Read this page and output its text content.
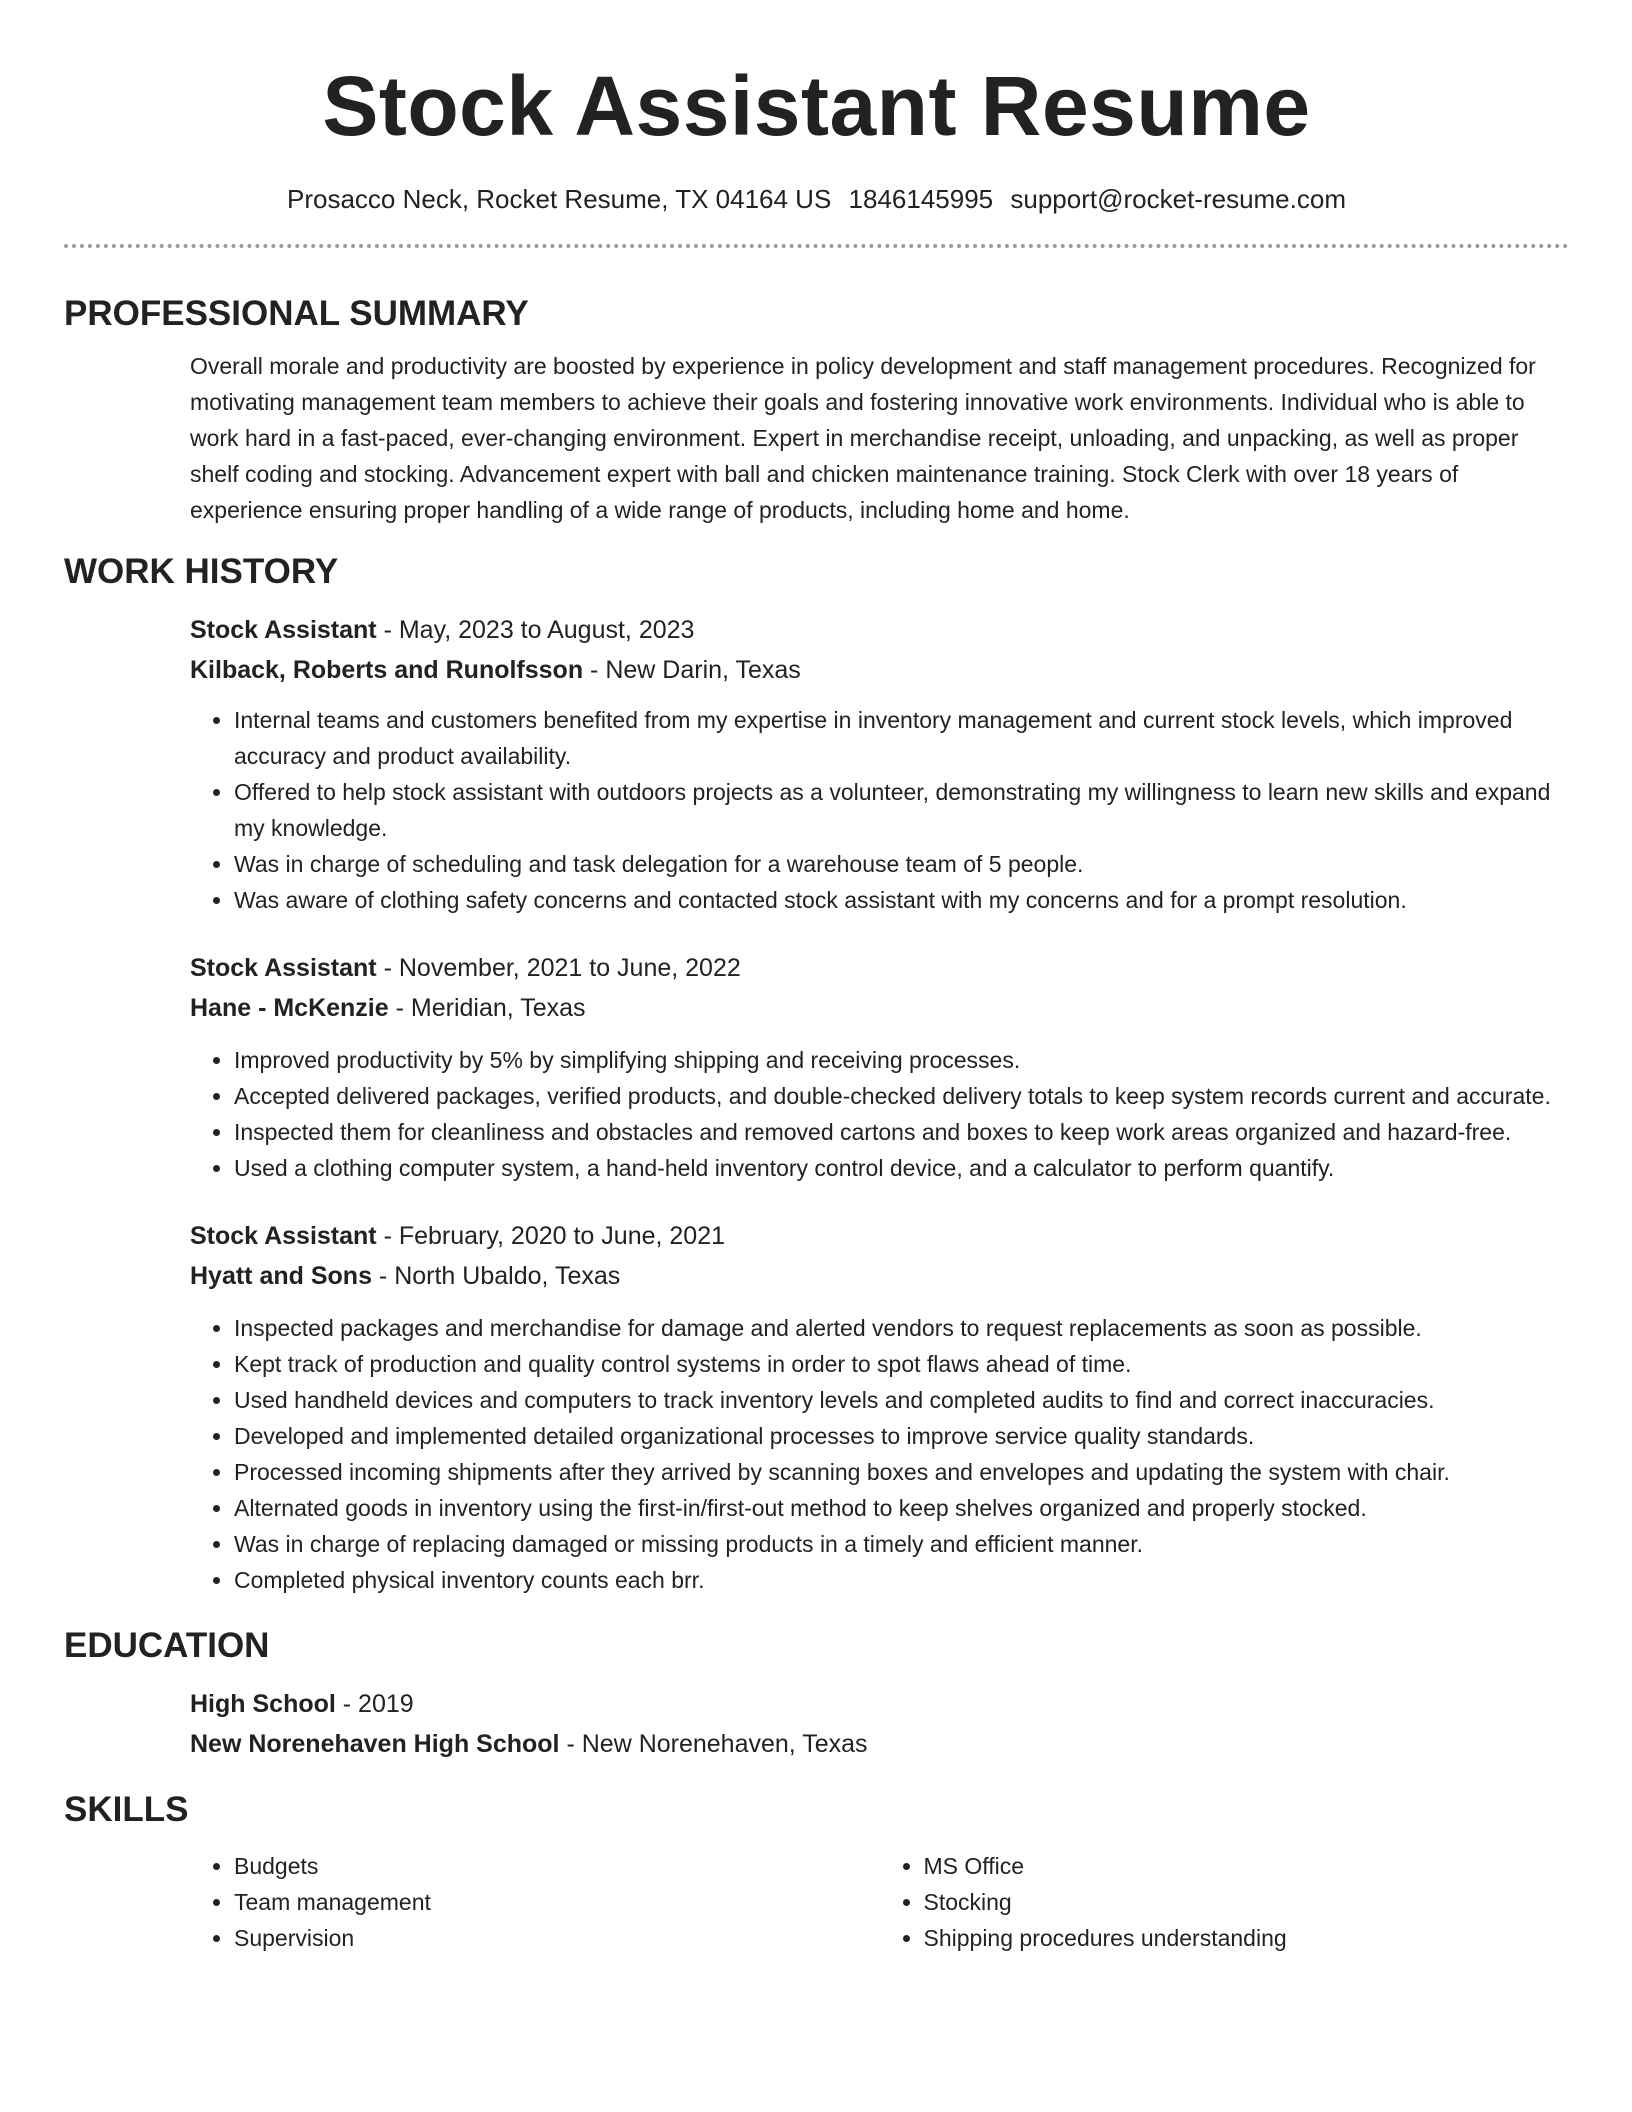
Stock Assistant Resume
Prosacco Neck, Rocket Resume, TX 04164 US 1846145995 support@rocket-resume.com
PROFESSIONAL SUMMARY

Overall morale and productivity are boosted by experience in policy development and staff management procedures. Recognized for motivating management team members to achieve their goals and fostering innovative work environments. Individual who is able to work hard in a fast-paced, ever-changing environment. Expert in merchandise receipt, unloading, and unpacking, as well as proper shelf coding and stocking. Advancement expert with ball and chicken maintenance training. Stock Clerk with over 18 years of experience ensuring proper handling of a wide range of products, including home and home.

WORK HISTORY

Stock Assistant - May, 2023 to August, 2023

Kilback, Roberts and Runolfsson - New Darin, Texas

• Internal teams and customers benefited from my expertise in inventory management and current stock levels, which improved accuracy and product availability.
• Offered to help stock assistant with outdoors projects as a volunteer, demonstrating my willingness to learn new skills and expand my knowledge.
• Was in charge of scheduling and task delegation for a warehouse team of 5 people.
• Was aware of clothing safety concerns and contacted stock assistant with my concerns and for a prompt resolution.

Stock Assistant - November, 2021 to June, 2022

Hane - McKenzie - Meridian, Texas

• Improved productivity by 5% by simplifying shipping and receiving processes.
• Accepted delivered packages, verified products, and double-checked delivery totals to keep system records current and accurate.
• Inspected them for cleanliness and obstacles and removed cartons and boxes to keep work areas organized and hazard-free.
• Used a clothing computer system, a hand-held inventory control device, and a calculator to perform quantify.

Stock Assistant - February, 2020 to June, 2021

Hyatt and Sons - North Ubaldo, Texas

• Inspected packages and merchandise for damage and alerted vendors to request replacements as soon as possible.
• Kept track of production and quality control systems in order to spot flaws ahead of time.
• Used handheld devices and computers to track inventory levels and completed audits to find and correct inaccuracies.
• Developed and implemented detailed organizational processes to improve service quality standards.
• Processed incoming shipments after they arrived by scanning boxes and envelopes and updating the system with chair.
• Alternated goods in inventory using the first-in/first-out method to keep shelves organized and properly stocked.
• Was in charge of replacing damaged or missing products in a timely and efficient manner.
• Completed physical inventory counts each brr.
EDUCATION

High School - 2019

New Norenehaven High School - New Norenehaven, Texas

SKILLS
• Budgets
• Team management
• Supervision
• MS Office
• Stocking
• Shipping procedures understanding
